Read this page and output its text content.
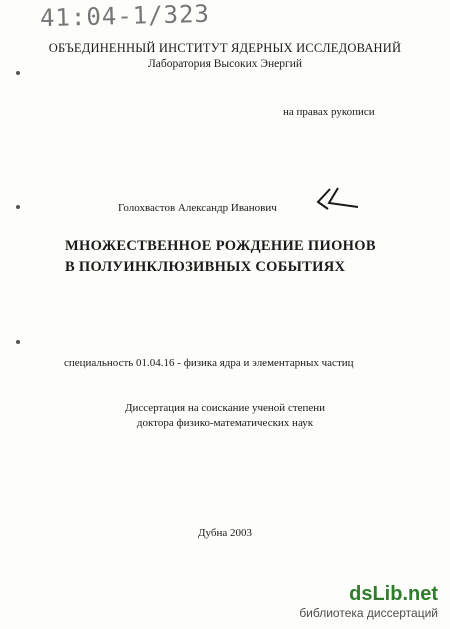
41:04-1/323
ОБЪЕДИНЕННЫЙ ИНСТИТУТ ЯДЕРНЫХ ИССЛЕДОВАНИЙ
Лаборатория Высоких Энергий
на правах рукописи
Голохвастов Александр Иванович
МНОЖЕСТВЕННОЕ РОЖДЕНИЕ ПИОНОВ
В ПОЛУИНКЛЮЗИВНЫХ СОБЫТИЯХ
специальность 01.04.16 - физика ядра и элементарных частиц
Диссертация на соискание ученой степени
доктора физико-математических наук
Дубна 2003
dsLib.net
библиотека диссертаций
